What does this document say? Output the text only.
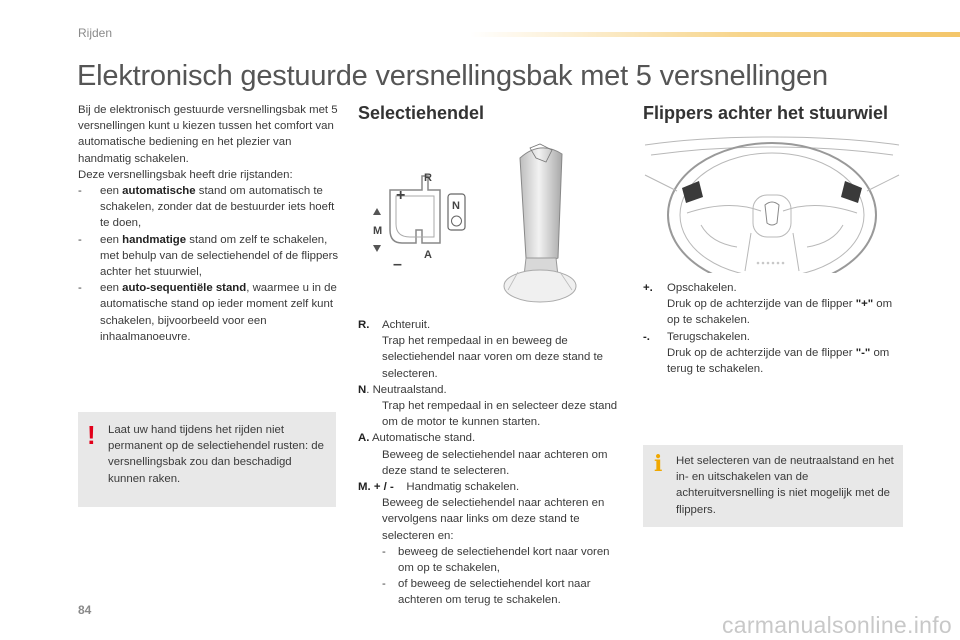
Rijden
Elektronisch gestuurde versnellingsbak met 5 versnellingen

Bij de elektronisch gestuurde versnellingsbak met 5 versnellingen kunt u kiezen tussen het comfort van automatische bediening en het plezier van handmatig schakelen.

Deze versnellingsbak heeft drie rijstanden:

- een automatische stand om automatisch te schakelen, zonder dat de bestuurder iets hoeft te doen,
- een handmatige stand om zelf te schakelen, met behulp van de selectiehendel of de flippers achter het stuurwiel,
- een auto-sequentiële stand, waarmee u in de automatische stand op ieder moment zelf kunt schakelen, bijvoorbeeld voor een inhaalmanoeuvre.
! Laat uw hand tijdens het rijden niet permanent op de selectiehendel rusten: de versnellingsbak zou dan beschadigd kunnen raken.
Selectiehendel
+
–
R
A
M
N
R. Achteruit.
Trap het rempedaal in en beweeg de selectiehendel naar voren om deze stand te selecteren.
N. Neutraalstand.
Trap het rempedaal in en selecteer deze stand om de motor te kunnen starten.
A. Automatische stand.
Beweeg de selectiehendel naar achteren om deze stand te selecteren.
M. + / -    Handmatig schakelen.
Beweeg de selectiehendel naar achteren en vervolgens naar links om deze stand te selecteren en:
- beweeg de selectiehendel kort naar voren om op te schakelen,
- of beweeg de selectiehendel kort naar achteren om terug te schakelen.
Flippers achter het stuurwiel
+. Opschakelen.
Druk op de achterzijde van de flipper "+" om op te schakelen.
-. Terugschakelen.
Druk op de achterzijde van de flipper "-" om terug te schakelen.
i Het selecteren van de neutraalstand en het in- en uitschakelen van de achteruitversnelling is niet mogelijk met de flippers.
84
carmanualsonline.info
